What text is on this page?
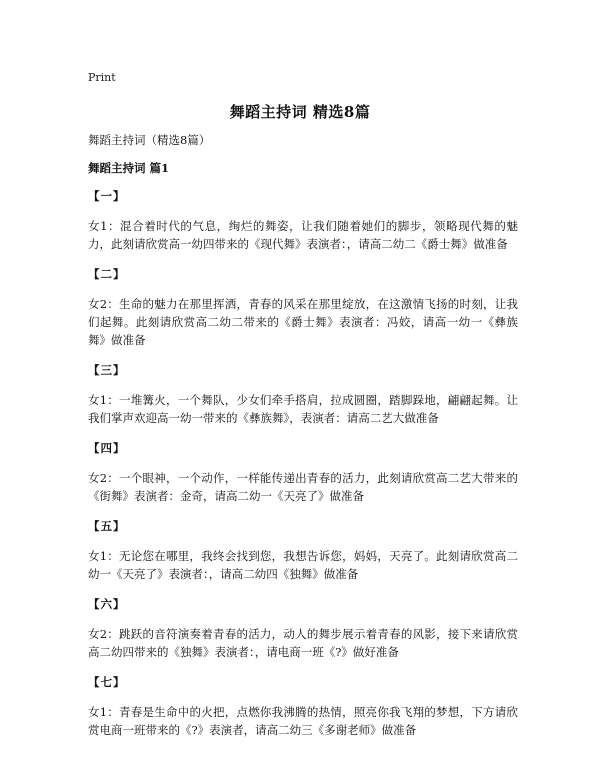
Print
舞蹈主持词 精选8篇
舞蹈主持词（精选8篇）
舞蹈主持词 篇1
【一】
女1：混合着时代的气息，绚烂的舞姿，让我们随着她们的脚步，领略现代舞的魅力，此刻请欣赏高一幼四带来的《现代舞》表演者：，请高二幼二《爵士舞》做准备
【二】
女2：生命的魅力在那里挥洒，青春的风采在那里绽放，在这激情飞扬的时刻，让我们起舞。此刻请欣赏高二幼二带来的《爵士舞》表演者：冯姣，请高一幼一《彝族舞》做准备
【三】
女1：一堆篝火，一个舞队，少女们牵手搭肩，拉成圆圈，踏脚跺地，翩翩起舞。让我们掌声欢迎高一幼一带来的《彝族舞》，表演者：请高二艺大做准备
【四】
女2：一个眼神，一个动作，一样能传递出青春的活力，此刻请欣赏高二艺大带来的《街舞》表演者：金奇，请高二幼一《天亮了》做准备
【五】
女1：无论您在哪里，我终会找到您，我想告诉您，妈妈，天亮了。此刻请欣赏高二幼一《天亮了》表演者：，请高二幼四《独舞》做准备
【六】
女2：跳跃的音符演奏着青春的活力，动人的舞步展示着青春的风影，接下来请欣赏高二幼四带来的《独舞》表演者：，请电商一班《?》做好准备
【七】
女1：青春是生命中的火把，点燃你我沸腾的热情，照亮你我飞翔的梦想，下方请欣赏电商一班带来的《?》表演者，请高二幼三《多谢老师》做准备
